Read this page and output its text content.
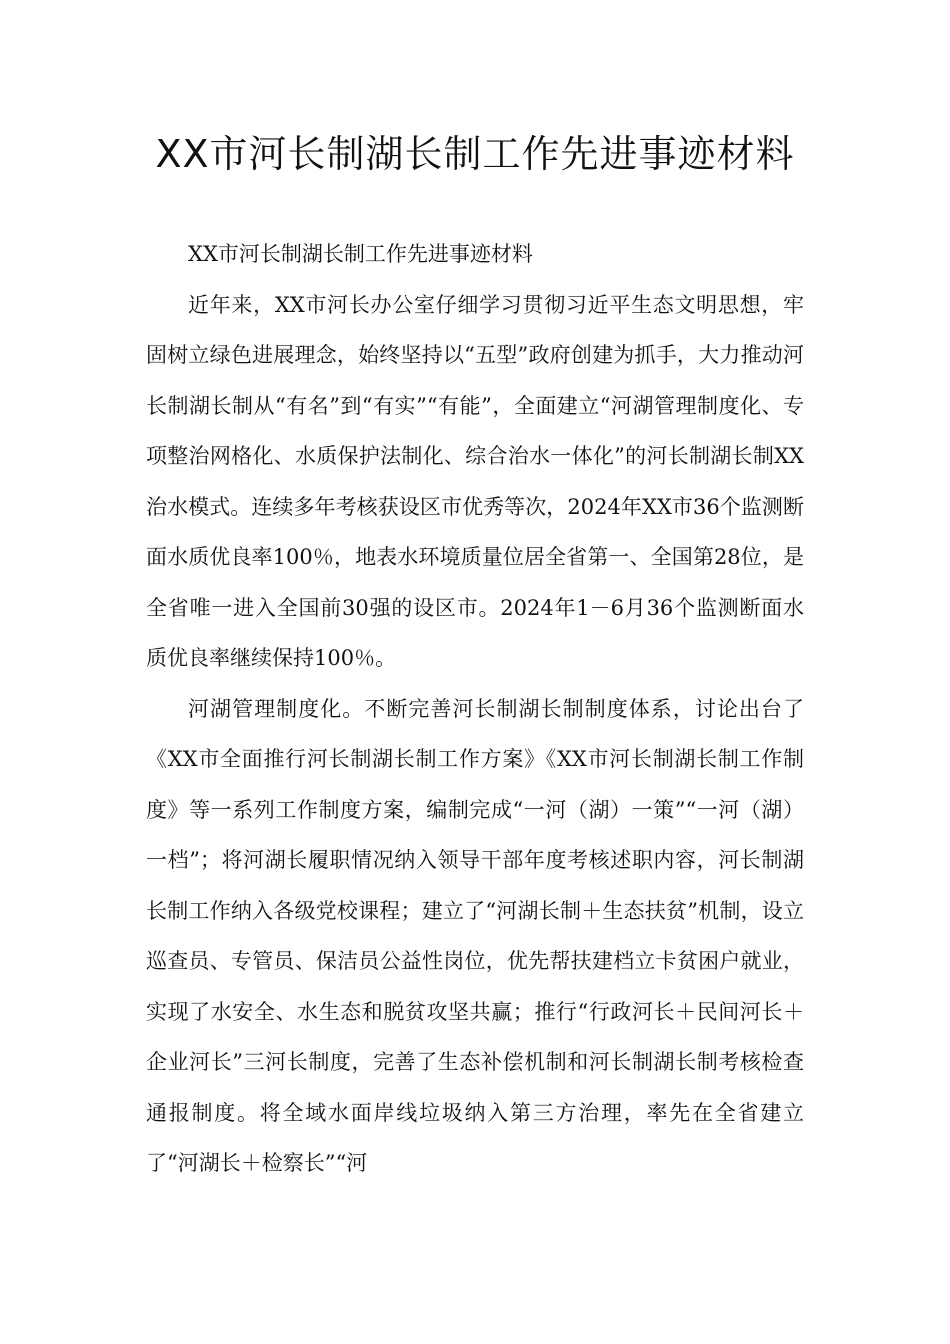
XX市河长制湖长制工作先进事迹材料

XX市河长制湖长制工作先进事迹材料

近年来，XX市河长办公室仔细学习贯彻习近平生态文明思想，牢固树立绿色进展理念，始终坚持以“五型”政府创建为抓手，大力推动河长制湖长制从“有名”到“有实”“有能”，全面建立“河湖管理制度化、专项整治网格化、水质保护法制化、综合治水一体化”的河长制湖长制XX治水模式。连续多年考核获设区市优秀等次，2024年XX市36个监测断面水质优良率100％，地表水环境质量位居全省第一、全国第28位，是全省唯一进入全国前30强的设区市。2024年1－6月36个监测断面水质优良率继续保持100％。

河湖管理制度化。不断完善河长制湖长制制度体系，讨论出台了《XX市全面推行河长制湖长制工作方案》《XX市河长制湖长制工作制度》等一系列工作制度方案，编制完成“一河（湖）一策”“一河（湖）一档”；将河湖长履职情况纳入领导干部年度考核述职内容，河长制湖长制工作纳入各级党校课程；建立了“河湖长制＋生态扶贫”机制，设立巡查员、专管员、保洁员公益性岗位，优先帮扶建档立卡贫困户就业，实现了水安全、水生态和脱贫攻坚共赢；推行“行政河长＋民间河长＋企业河长”三河长制度，完善了生态补偿机制和河长制湖长制考核检查通报制度。将全域水面岸线垃圾纳入第三方治理，率先在全省建立了“河湖长＋检察长”“河
